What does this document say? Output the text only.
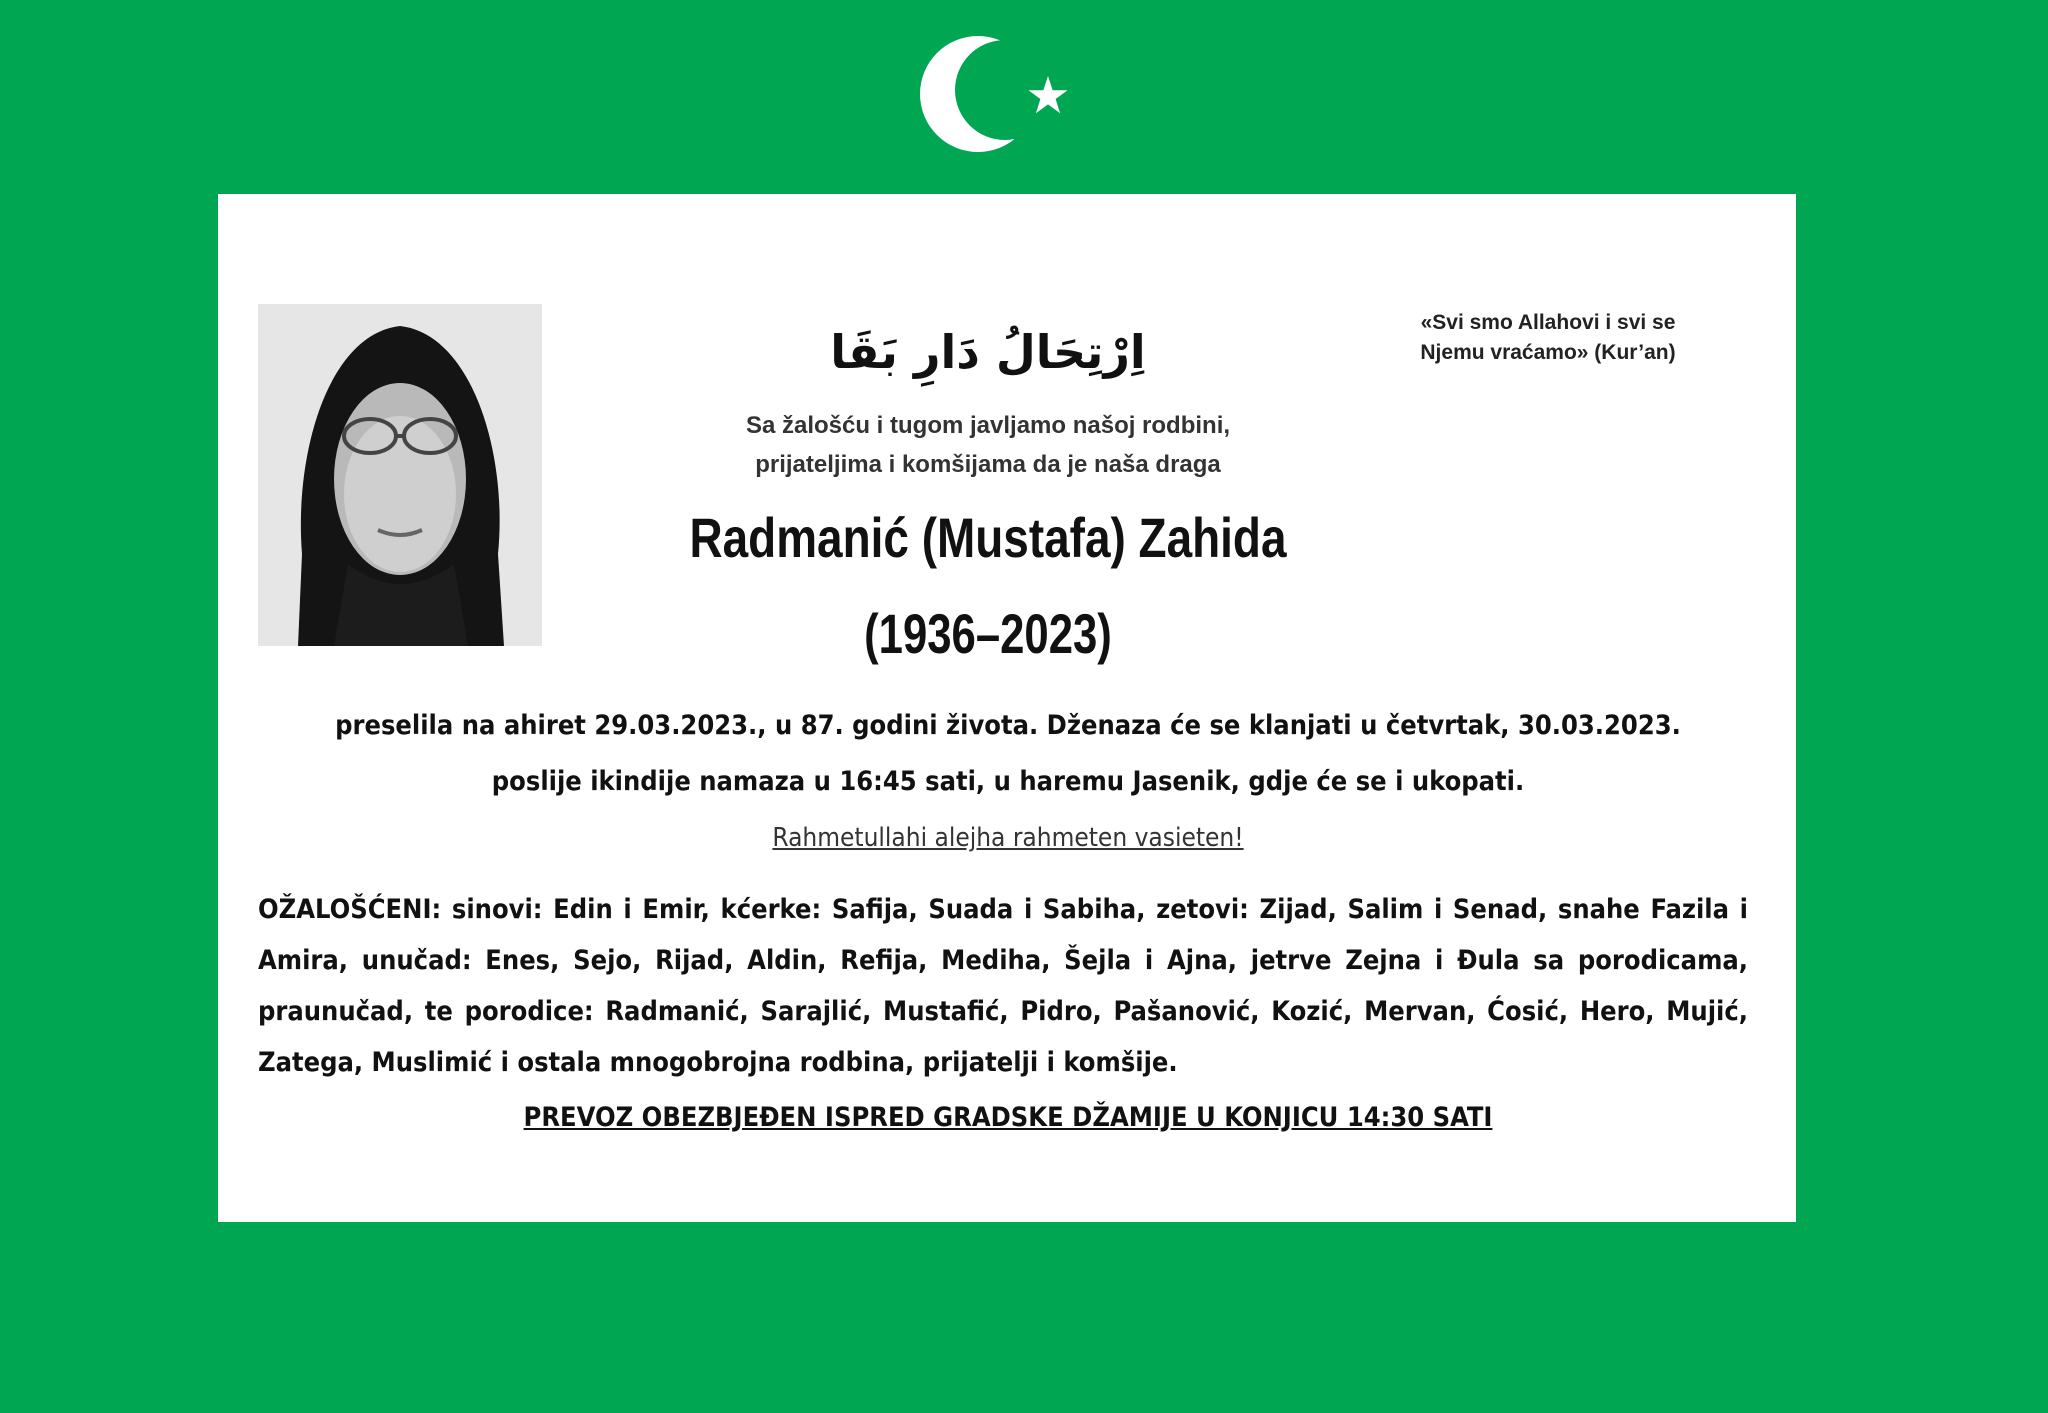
«Svi smo Allahovi i svi se
Njemu vraćamo» (Kur’an)
اِرْتِحَالُ دَارِ بَقَا
Sa žalošću i tugom javljamo našoj rodbini,
prijateljima i komšijama da je naša draga
Radmanić (Mustafa) Zahida
(1936–2023)
preselila na ahiret 29.03.2023., u 87. godini života. Dženaza će se klanjati u četvrtak, 30.03.2023.
poslije ikindije namaza u 16:45 sati, u haremu Jasenik, gdje će se i ukopati.
Rahmetullahi alejha rahmeten vasieten!
OŽALOŠĆENI: sinovi: Edin i Emir, kćerke: Safija, Suada i Sabiha, zetovi: Zijad, Salim i Senad, snahe Fazila i Amira, unučad: Enes, Sejo, Rijad, Aldin, Refija, Mediha, Šejla i Ajna, jetrve Zejna i Đula sa porodicama, praunučad, te porodice: Radmanić, Sarajlić, Mustafić, Pidro, Pašanović, Kozić, Mervan, Ćosić, Hero, Mujić, Zatega, Muslimić i ostala mnogobrojna rodbina, prijatelji i komšije.
PREVOZ OBEZBJEĐEN ISPRED GRADSKE DŽAMIJE U KONJICU 14:30 SATI
